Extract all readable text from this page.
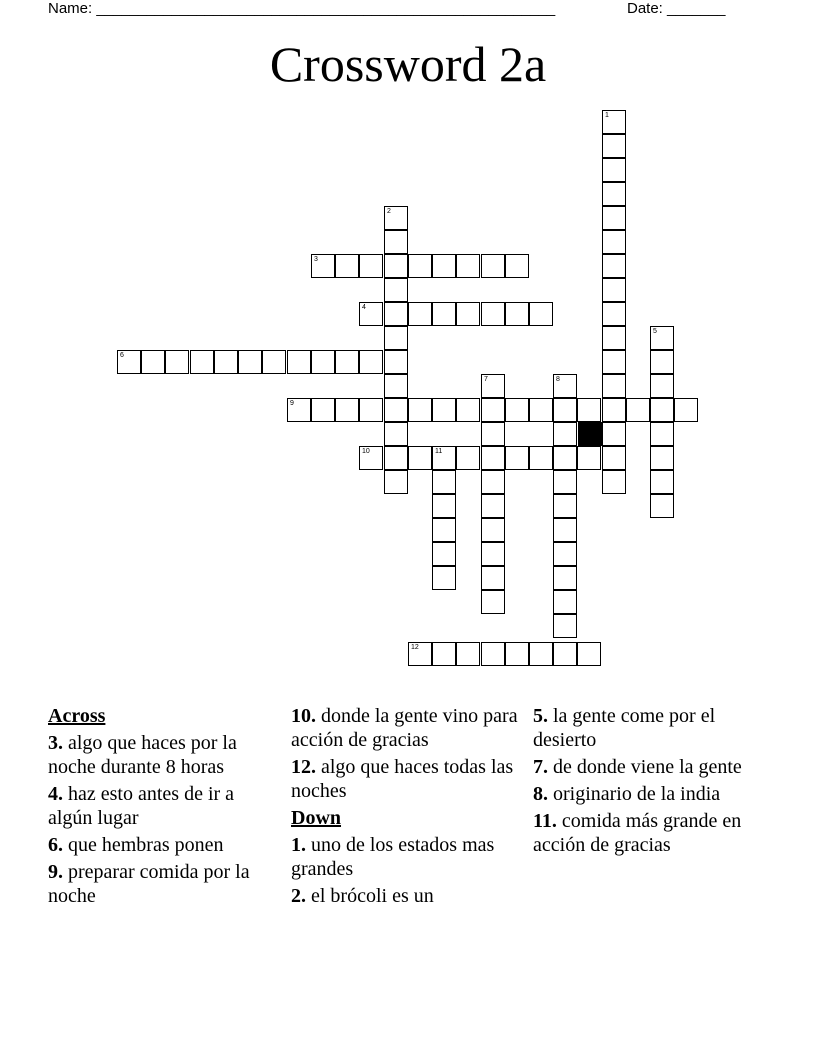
Name: _______________________________________________________	Date: _______
Crossword 2a
1
2
3
4
5
6
7	8
9
10	11
12
Across
3. algo que haces por la noche durante 8 horas
4. haz esto antes de ir a algún lugar
6. que hembras ponen
9. preparar comida por la noche
10. donde la gente vino para acción de gracias
12. algo que haces todas las noches
Down
1. uno de los estados mas grandes
2. el brócoli es un
5. la gente come por el desierto
7. de donde viene la gente
8. originario de la india
11. comida más grande en acción de gracias
